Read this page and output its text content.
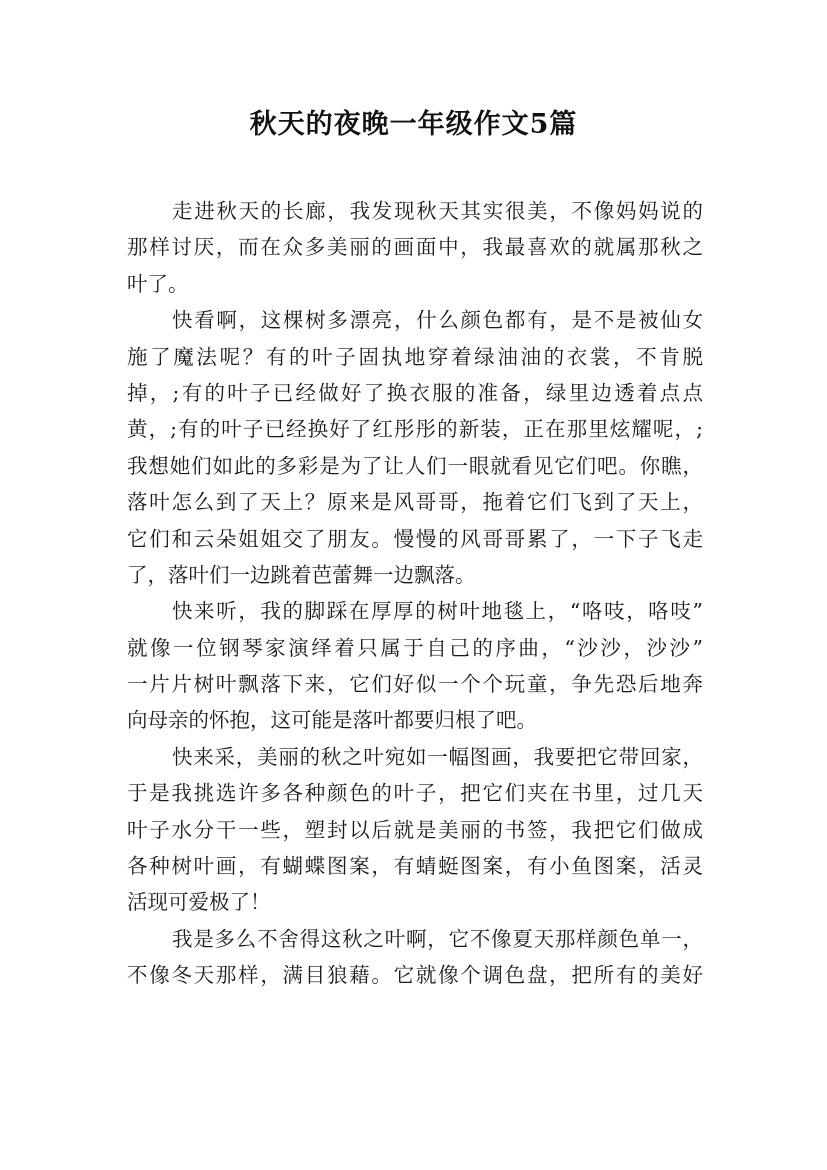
秋天的夜晚一年级作文5篇
走进秋天的长廊，我发现秋天其实很美，不像妈妈说的
那样讨厌，而在众多美丽的画面中，我最喜欢的就属那秋之
叶了。
快看啊，这棵树多漂亮，什么颜色都有，是不是被仙女
施了魔法呢？有的叶子固执地穿着绿油油的衣裳，不肯脱
掉，;有的叶子已经做好了换衣服的准备，绿里边透着点点
黄，;有的叶子已经换好了红彤彤的新装，正在那里炫耀呢，;
我想她们如此的多彩是为了让人们一眼就看见它们吧。你瞧，
落叶怎么到了天上？原来是风哥哥，拖着它们飞到了天上，
它们和云朵姐姐交了朋友。慢慢的风哥哥累了，一下子飞走
了，落叶们一边跳着芭蕾舞一边飘落。
快来听，我的脚踩在厚厚的树叶地毯上，“咯吱，咯吱”
就像一位钢琴家演绎着只属于自己的序曲，“沙沙，沙沙”
一片片树叶飘落下来，它们好似一个个玩童，争先恐后地奔
向母亲的怀抱，这可能是落叶都要归根了吧。
快来采，美丽的秋之叶宛如一幅图画，我要把它带回家，
于是我挑选许多各种颜色的叶子，把它们夹在书里，过几天
叶子水分干一些，塑封以后就是美丽的书签，我把它们做成
各种树叶画，有蝴蝶图案，有蜻蜓图案，有小鱼图案，活灵
活现可爱极了！
我是多么不舍得这秋之叶啊，它不像夏天那样颜色单一，
不像冬天那样，满目狼藉。它就像个调色盘，把所有的美好
